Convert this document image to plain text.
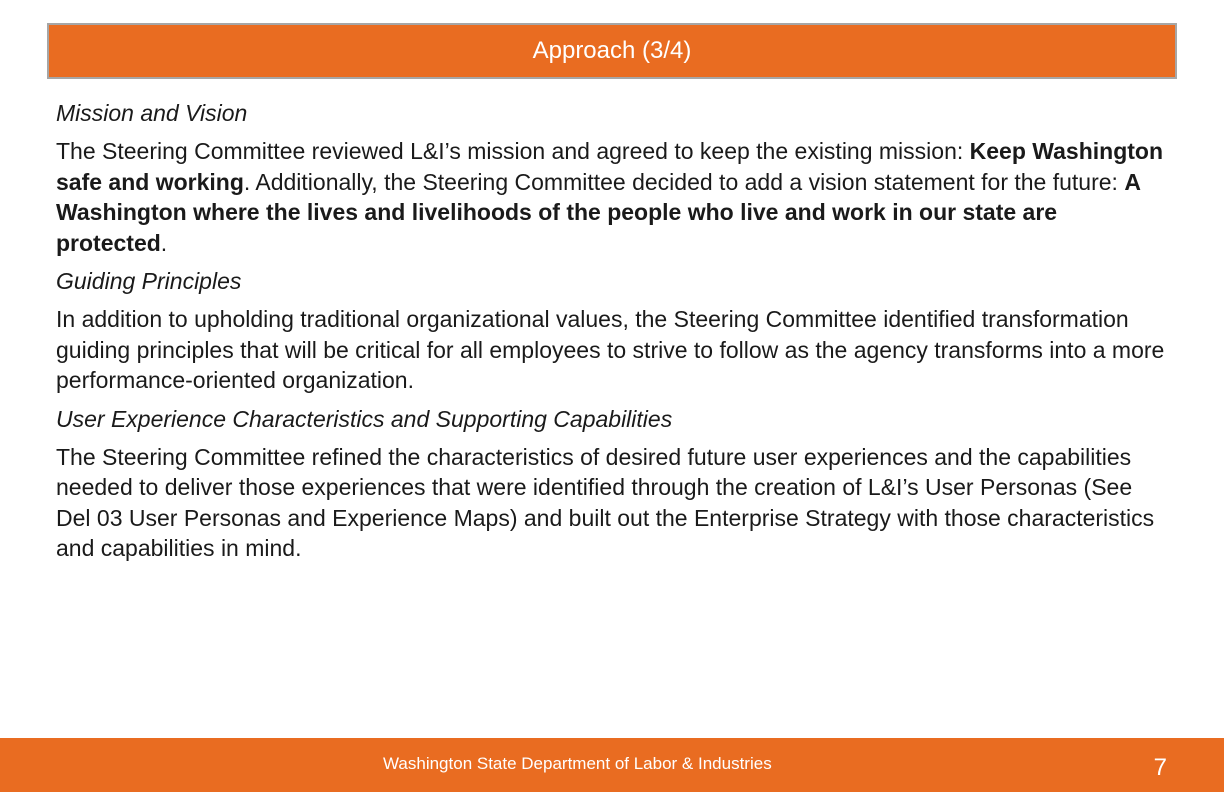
Approach (3/4)
Mission and Vision
The Steering Committee reviewed L&I’s mission and agreed to keep the existing mission: Keep Washington safe and working. Additionally, the Steering Committee decided to add a vision statement for the future: A Washington where the lives and livelihoods of the people who live and work in our state are protected.
Guiding Principles
In addition to upholding traditional organizational values, the Steering Committee identified transformation guiding principles that will be critical for all employees to strive to follow as the agency transforms into a more performance-oriented organization.
User Experience Characteristics and Supporting Capabilities
The Steering Committee refined the characteristics of desired future user experiences and the capabilities needed to deliver those experiences that were identified through the creation of L&I’s User Personas (See Del 03 User Personas and Experience Maps) and built out the Enterprise Strategy with those characteristics and capabilities in mind.
Washington State Department of Labor & Industries	7
